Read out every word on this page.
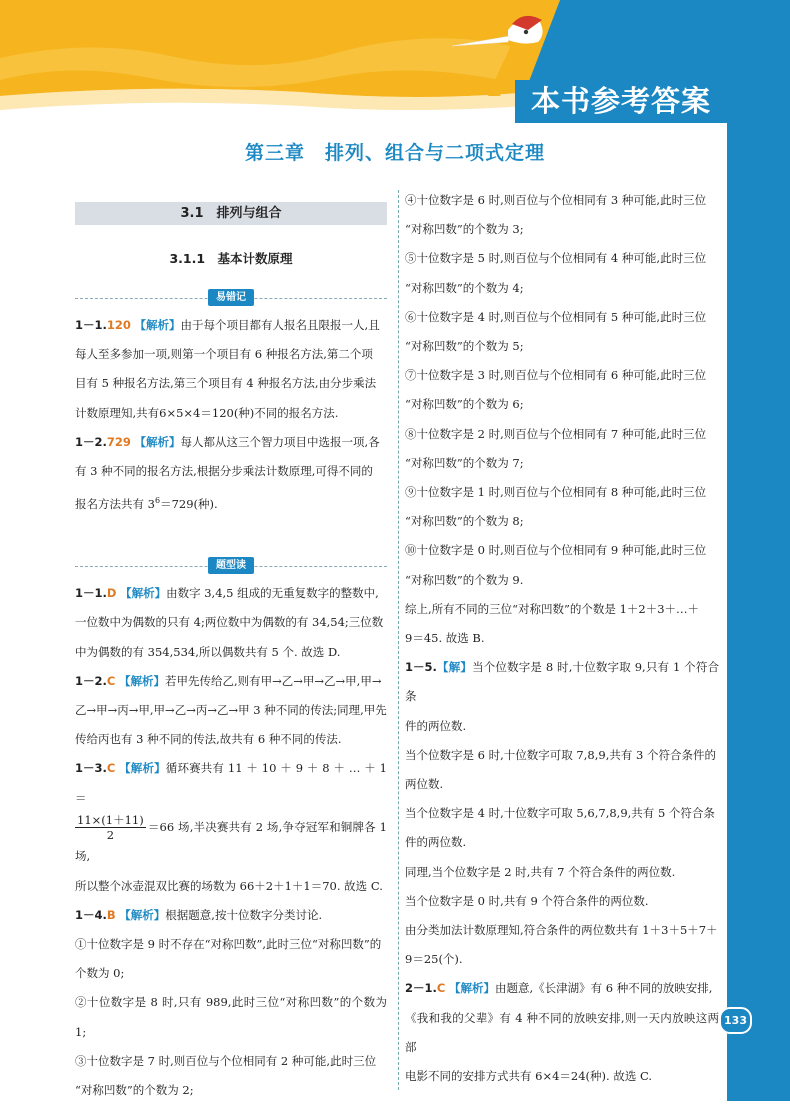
本书参考答案
第三章　排列、组合与二项式定理
3.1　排列与组合
3.1.1　基本计数原理
易错记

1－1.120 【解析】由于每个项目都有人报名且限报一人,且

每人至多参加一项,则第一个项目有 6 种报名方法,第二个项

目有 5 种报名方法,第三个项目有 4 种报名方法,由分步乘法

计数原理知,共有6×5×4＝120(种)不同的报名方法.

1－2.729 【解析】每人都从这三个智力项目中选报一项,各

有 3 种不同的报名方法,根据分步乘法计数原理,可得不同的

报名方法共有 $3^6=729$(种).

题型读

1－1.D 【解析】由数字 3,4,5 组成的无重复数字的整数中,

一位数中为偶数的只有 4;两位数中为偶数的有 34,54;三位数

中为偶数的有 354,534,所以偶数共有 5 个. 故选 D.

1－2.C 【解析】若甲先传给乙,则有甲→乙→甲→乙→甲,甲→

乙→甲→丙→甲,甲→乙→丙→乙→甲 3 种不同的传法;同理,甲先

传给丙也有 3 种不同的传法,故共有 6 种不同的传法.

1－3.C 【解析】循环赛共有 11 ＋ 10 ＋ 9 ＋ 8 ＋ … ＋ 1 ＝

$\frac{11\times(1+11)}{2} =66$ 场,半决赛共有 2 场,争夺冠军和铜牌各 1 场,

所以整个冰壶混双比赛的场数为 66＋2＋1＋1＝70. 故选 C.

1－4.B 【解析】根据题意,按十位数字分类讨论.

①十位数字是 9 时不存在“对称凹数”,此时三位“对称凹数”的

个数为 0;

②十位数字是 8 时,只有 989,此时三位“对称凹数”的个数为 1;

③十位数字是 7 时,则百位与个位相同有 2 种可能,此时三位

“对称凹数”的个数为 2;

④十位数字是 6 时,则百位与个位相同有 3 种可能,此时三位

“对称凹数”的个数为 3;

⑤十位数字是 5 时,则百位与个位相同有 4 种可能,此时三位

“对称凹数”的个数为 4;

⑥十位数字是 4 时,则百位与个位相同有 5 种可能,此时三位

“对称凹数”的个数为 5;

⑦十位数字是 3 时,则百位与个位相同有 6 种可能,此时三位

“对称凹数”的个数为 6;

⑧十位数字是 2 时,则百位与个位相同有 7 种可能,此时三位

“对称凹数”的个数为 7;

⑨十位数字是 1 时,则百位与个位相同有 8 种可能,此时三位

“对称凹数”的个数为 8;

⑩十位数字是 0 时,则百位与个位相同有 9 种可能,此时三位

“对称凹数”的个数为 9.

综上,所有不同的三位“对称凹数”的个数是 1＋2＋3＋…＋

9＝45. 故选 B.

1－5.【解】当个位数字是 8 时,十位数字取 9,只有 1 个符合条

件的两位数.

当个位数字是 6 时,十位数字可取 7,8,9,共有 3 个符合条件的

两位数.

当个位数字是 4 时,十位数字可取 5,6,7,8,9,共有 5 个符合条

件的两位数.

同理,当个位数字是 2 时,共有 7 个符合条件的两位数.

当个位数字是 0 时,共有 9 个符合条件的两位数.

由分类加法计数原理知,符合条件的两位数共有 1＋3＋5＋7＋

9＝25(个).

2－1.C 【解析】由题意,《长津湖》有 6 种不同的放映安排,

《我和我的父辈》有 4 种不同的放映安排,则一天内放映这两部

电影不同的安排方式共有 6×4＝24(种). 故选 C.

133
